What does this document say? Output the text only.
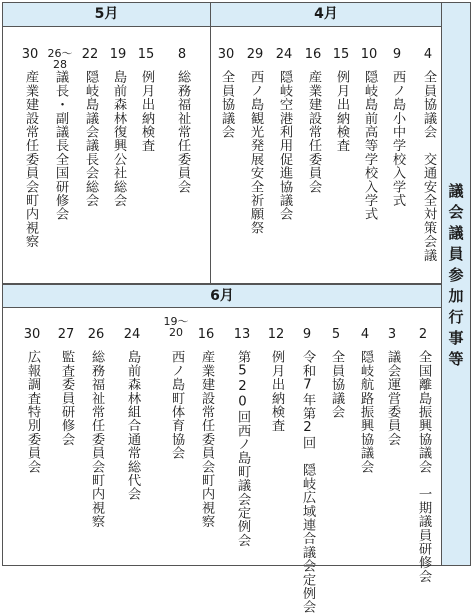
議会議員参加行事等
5月	4月
6月
30
産業建設常任委員会町内視察
26～28
議長・副議長全国研修会
22
隠岐島議会議長会総会
19
島前森林復興公社総会
15
例月出納検査
8
総務福祉常任委員会
30
全員協議会
29
西ノ島観光発展安全祈願祭
24
隠岐空港利用促進協議会
16
産業建設常任委員会
15
例月出納検査
10
隠岐島前高等学校入学式
9
西ノ島小中学校入学式
4
全員協議会　交通安全対策会議
30
広報調査特別委員会
27
監査委員研修会
26
総務福祉常任委員会町内視察
24
島前森林組合通常総代会
19～20
西ノ島町体育協会
16
産業建設常任委員会町内視察
13
第520回西ノ島町議会定例会
12
例月出納検査
9
令和7年第2回　隠岐広域連合議会定例会
5
全員協議会
4
隠岐航路振興協議会
3
議会運営委員会
2
全国離島振興協議会　一期議員研修会
